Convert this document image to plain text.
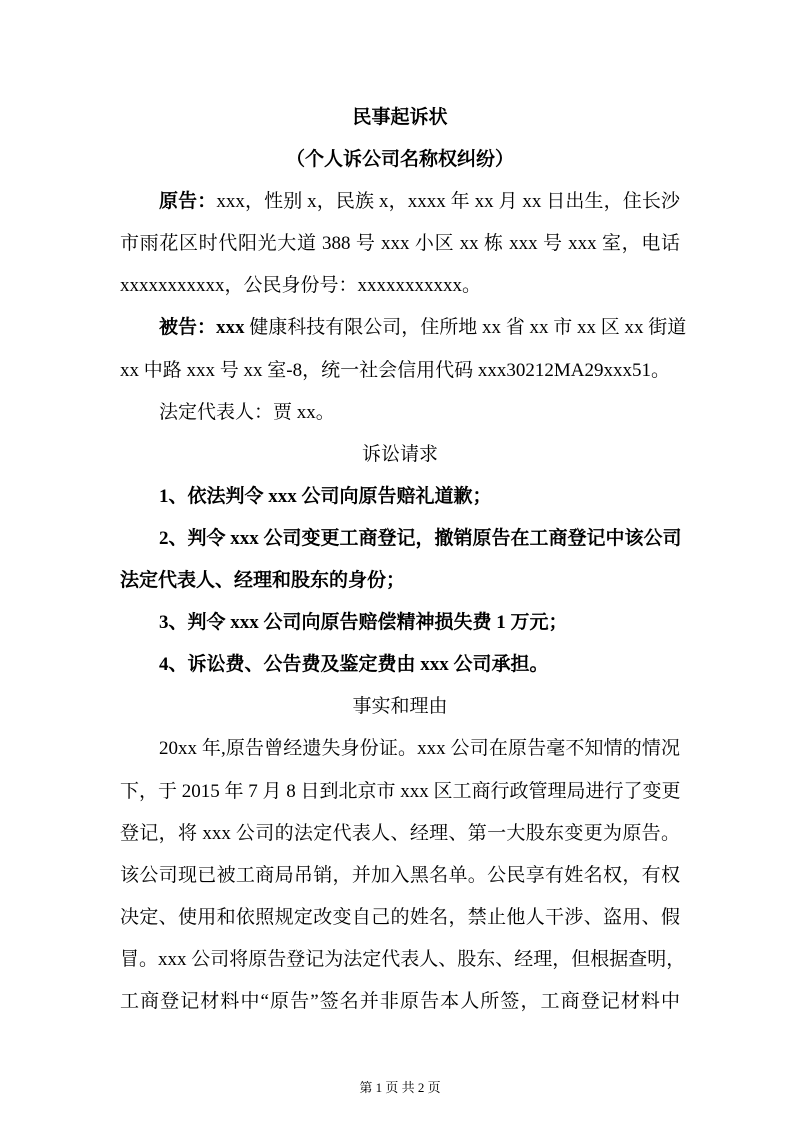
民事起诉状
（个人诉公司名称权纠纷）
原告：xxx，性别 x，民族 x，xxxx 年 xx 月 xx 日出生，住长沙
市雨花区时代阳光大道 388 号 xxx 小区 xx 栋 xxx 号 xxx 室，电话
xxxxxxxxxxx，公民身份号：xxxxxxxxxxx。
被告：xxx 健康科技有限公司，住所地 xx 省 xx 市 xx 区 xx 街道
xx 中路 xxx 号 xx 室-8，统一社会信用代码 xxx30212MA29xxx51。
法定代表人：贾 xx。
诉讼请求
1、依法判令 xxx 公司向原告赔礼道歉；
2、判令 xxx 公司变更工商登记，撤销原告在工商登记中该公司
法定代表人、经理和股东的身份；
3、判令 xxx 公司向原告赔偿精神损失费 1 万元；
4、诉讼费、公告费及鉴定费由 xxx 公司承担。
事实和理由
20xx 年,原告曾经遗失身份证。xxx 公司在原告毫不知情的情况
下，于 2015 年 7 月 8 日到北京市 xxx 区工商行政管理局进行了变更
登记，将 xxx 公司的法定代表人、经理、第一大股东变更为原告。
该公司现已被工商局吊销，并加入黑名单。公民享有姓名权，有权
决定、使用和依照规定改变自己的姓名，禁止他人干涉、盗用、假
冒。xxx 公司将原告登记为法定代表人、股东、经理，但根据查明，
工商登记材料中“原告”签名并非原告本人所签，工商登记材料中
第 1 页 共 2 页
